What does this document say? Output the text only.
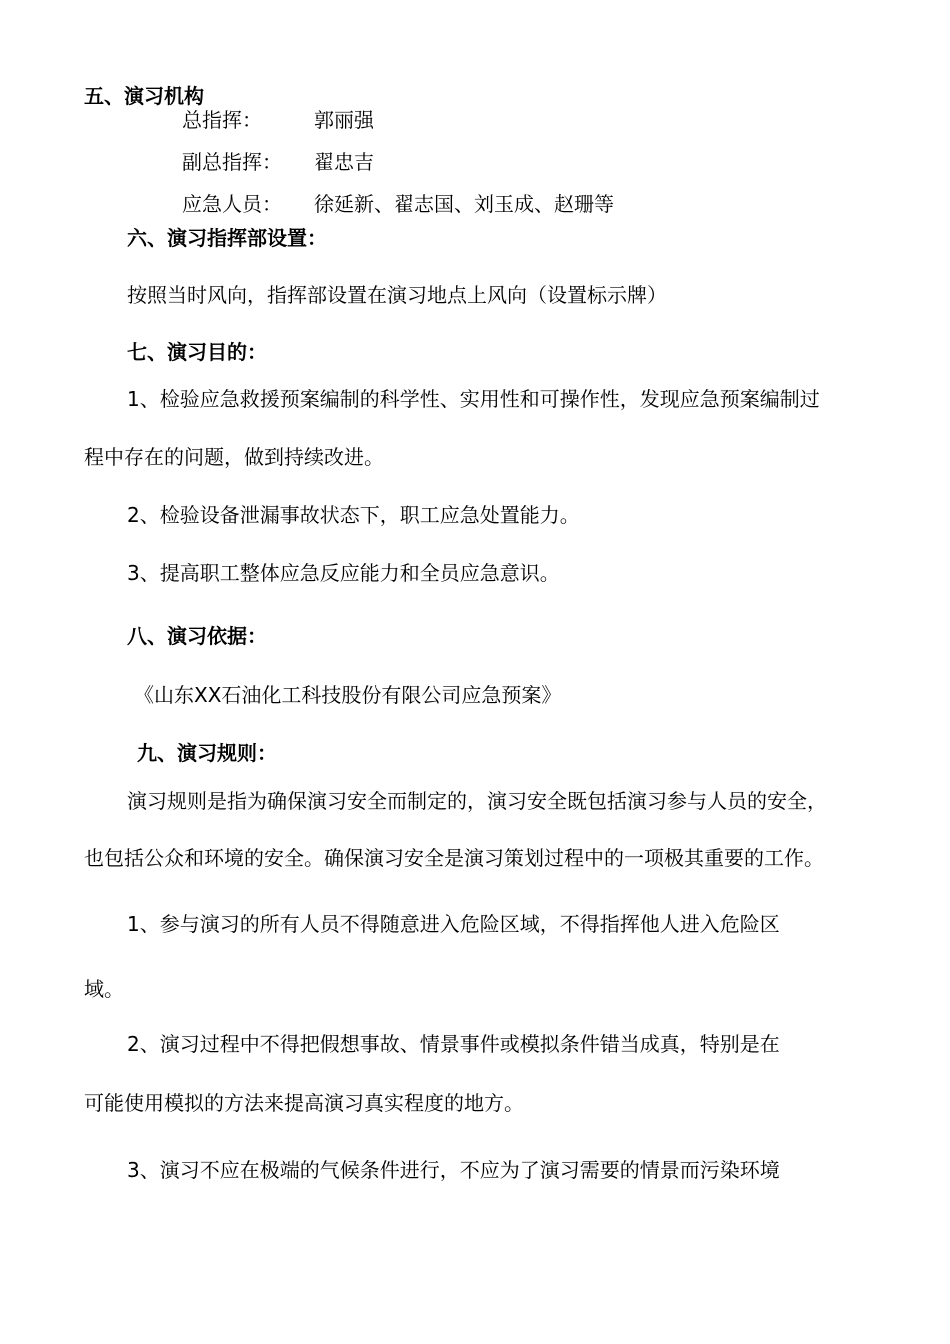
五、演习机构
总指挥：	郭丽强
副总指挥： 翟忠吉
应急人员： 徐延新、翟志国、刘玉成、赵珊等
六、演习指挥部设置：
按照当时风向，指挥部设置在演习地点上风向（设置标示牌）
七、演习目的：
1、检验应急救援预案编制的科学性、实用性和可操作性，发现应急预案编制过
程中存在的问题，做到持续改进。
2、检验设备泄漏事故状态下，职工应急处置能力。
3、提高职工整体应急反应能力和全员应急意识。
八、演习依据：
《山东XX石油化工科技股份有限公司应急预案》
九、演习规则：
演习规则是指为确保演习安全而制定的，演习安全既包括演习参与人员的安全，
也包括公众和环境的安全。确保演习安全是演习策划过程中的一项极其重要的工作。
1、参与演习的所有人员不得随意进入危险区域，不得指挥他人进入危险区
域。
2、演习过程中不得把假想事故、情景事件或模拟条件错当成真，特别是在
可能使用模拟的方法来提高演习真实程度的地方。
3、演习不应在极端的气候条件进行，不应为了演习需要的情景而污染环境
